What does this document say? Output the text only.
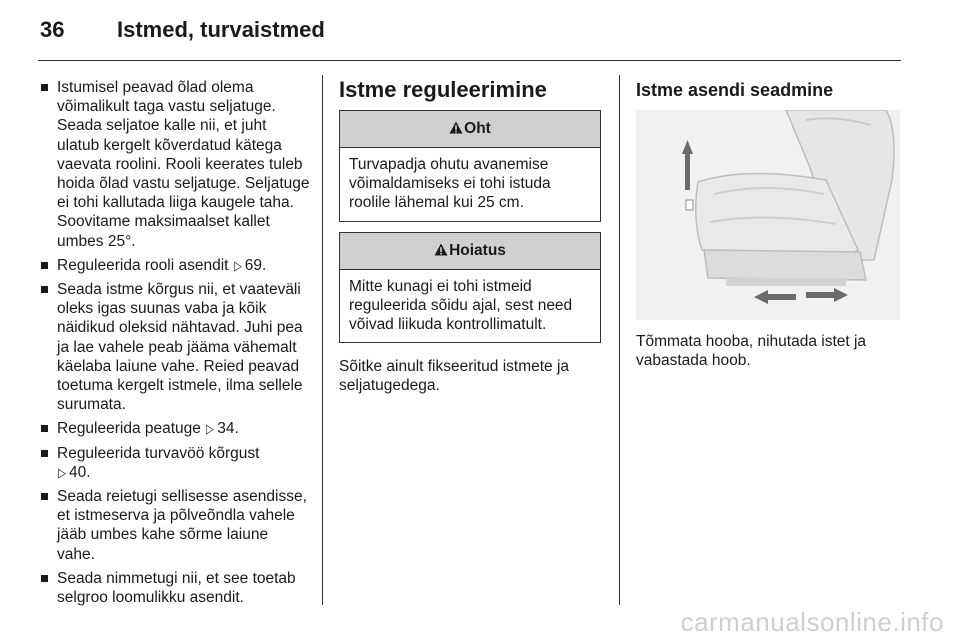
36 Istmed, turvaistmed
Istumisel peavad õlad olema võimalikult taga vastu seljatuge. Seada seljatoe kalle nii, et juht ulatub kergelt kõverdatud kätega vaevata roolini. Rooli keerates tuleb hoida õlad vastu seljatuge. Seljatuge ei tohi kallutada liiga kaugele taha. Soovitame maksimaalset kallet umbes 25°.
Reguleerida rooli asendit ▷ 69.
Seada istme kõrgus nii, et vaateväli oleks igas suunas vaba ja kõik näidikud oleksid nähtavad. Juhi pea ja lae vahele peab jääma vähemalt käelaba laiune vahe. Reied peavad toetuma kergelt istmele, ilma sellele surumata.
Reguleerida peatuge ▷ 34.
Reguleerida turvavöö kõrgust
▷ 40.
Seada reietugi sellisesse asendisse, et istmeserva ja põlveõndla vahele jääb umbes kahe sõrme laiune vahe.
Seada nimmetugi nii, et see toetab selgroo loomulikku asendit.
Istme reguleerimine
Oht
Turvapadja ohutu avanemise võimaldamiseks ei tohi istuda roolile lähemal kui 25 cm.
Hoiatus
Mitte kunagi ei tohi istmeid reguleerida sõidu ajal, sest need võivad liikuda kontrollimatult.
Sõitke ainult fikseeritud istmete ja seljatugedega.
Istme asendi seadmine
Tõmmata hooba, nihutada istet ja vabastada hoob.
carmanualsonline.info
